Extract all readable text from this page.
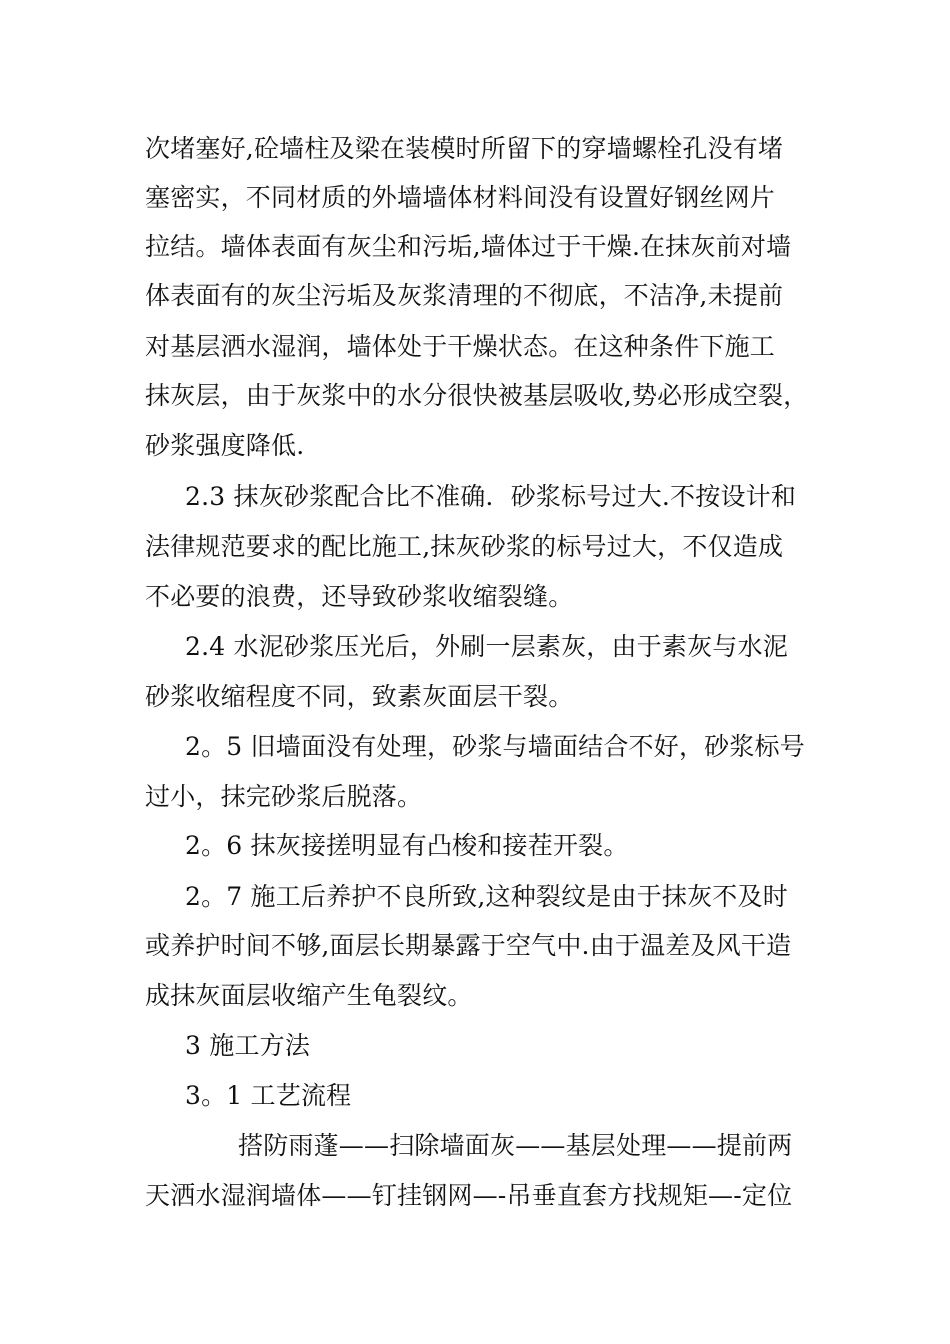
次堵塞好,砼墙柱及梁在装模时所留下的穿墙螺栓孔没有堵
塞密实，不同材质的外墙墙体材料间没有设置好钢丝网片
拉结。墙体表面有灰尘和污垢,墙体过于干燥.在抹灰前对墙
体表面有的灰尘污垢及灰浆清理的不彻底，不洁净,未提前
对基层洒水湿润，墙体处于干燥状态。在这种条件下施工
抹灰层，由于灰浆中的水分很快被基层吸收,势必形成空裂，
砂浆强度降低.
2.3 抹灰砂浆配合比不准确．砂浆标号过大.不按设计和
法律规范要求的配比施工,抹灰砂浆的标号过大，不仅造成
不必要的浪费，还导致砂浆收缩裂缝。
2.4 水泥砂浆压光后，外刷一层素灰，由于素灰与水泥
砂浆收缩程度不同，致素灰面层干裂。
2。5 旧墙面没有处理，砂浆与墙面结合不好，砂浆标号
过小，抹完砂浆后脱落。
2。6 抹灰接搓明显有凸梭和接茬开裂。
2。7 施工后养护不良所致,这种裂纹是由于抹灰不及时
或养护时间不够,面层长期暴露于空气中.由于温差及风干造
成抹灰面层收缩产生龟裂纹。
3 施工方法
3。1 工艺流程
搭防雨蓬——扫除墙面灰——基层处理——提前两
天洒水湿润墙体——钉挂钢网—-吊垂直套方找规矩—-定位
